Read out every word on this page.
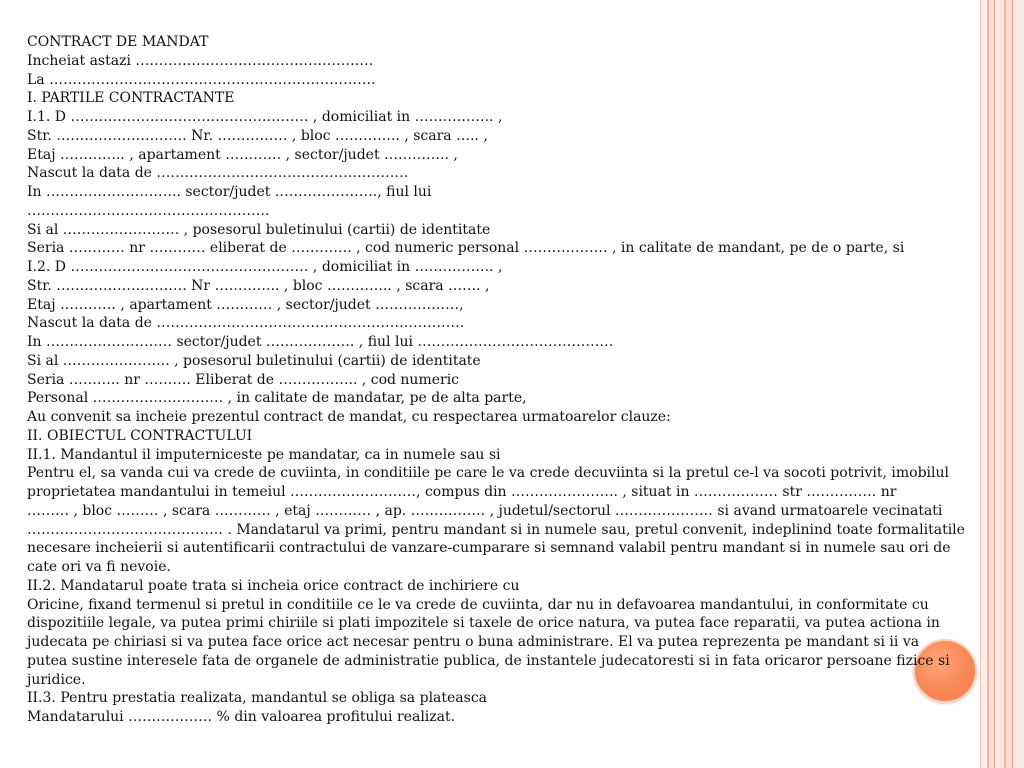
CONTRACT DE MANDAT
Incheiat astazi ……………………………………………
La …………………………………………………………….
I. PARTILE CONTRACTANTE
I.1. D …………………………………………… , domiciliat in …………….. ,
Str. ………………………. Nr. …………… , bloc ………….. , scara ….. ,
Etaj ………….. , apartament ………… , sector/judet ………….. ,
Nascut la data de ………………………………………………
In ……………………….. sector/judet …………………., fiul lui
…………………………………………….
Si al ……………………. , posesorul buletinului (cartii) de identitate
Seria ………… nr ………… eliberat de …………. , cod numeric personal ……………… , in calitate de mandant, pe de o parte, si
I.2. D …………………………………………… , domiciliat in …………….. ,
Str. ………………………. Nr ………….. , bloc ………….. , scara ……. ,
Etaj ………… , apartament ………… , sector/judet ………………,
Nascut la data de …………………………………………………………
In ……………………… sector/judet ………………. , fiul lui ……………………………………
Si al ………………….. , posesorul buletinului (cartii) de identitate
Seria ……….. nr ………. Eliberat de …………….. , cod numeric
Personal ………………………. , in calitate de mandatar, pe de alta parte,
Au convenit sa incheie prezentul contract de mandat, cu respectarea urmatoarelor clauze:
II. OBIECTUL CONTRACTULUI
II.1. Mandantul il imputerniceste pe mandatar, ca in numele sau si
Pentru el, sa vanda cui va crede de cuviinta, in conditiile pe care le va crede decuviinta si la pretul ce-l va socoti potrivit, imobilul
proprietatea mandantului in temeiul ………………………, compus din ………………….. , situat in ……………… str …………… nr
……… , bloc ……… , scara ………… , etaj ………… , ap. ……………. , judetul/sectorul ………………… si avand urmatoarele vecinatati
…………………………………… . Mandatarul va primi, pentru mandant si in numele sau, pretul convenit, indeplinind toate formalitatile
necesare incheierii si autentificarii contractului de vanzare-cumparare si semnand valabil pentru mandant si in numele sau ori de
cate ori va fi nevoie.
II.2. Mandatarul poate trata si incheia orice contract de inchiriere cu
Oricine, fixand termenul si pretul in conditiile ce le va crede de cuviinta, dar nu in defavoarea mandantului, in conformitate cu
dispozitiile legale, va putea primi chiriile si plati impozitele si taxele de orice natura, va putea face reparatii, va putea actiona in
judecata pe chiriasi si va putea face orice act necesar pentru o buna administrare. El va putea reprezenta pe mandant si ii va
putea sustine interesele fata de organele de administratie publica, de instantele judecatoresti si in fata oricaror persoane fizice si
juridice.
II.3. Pentru prestatia realizata, mandantul se obliga sa plateasca
Mandatarului ……………… % din valoarea profitului realizat.
